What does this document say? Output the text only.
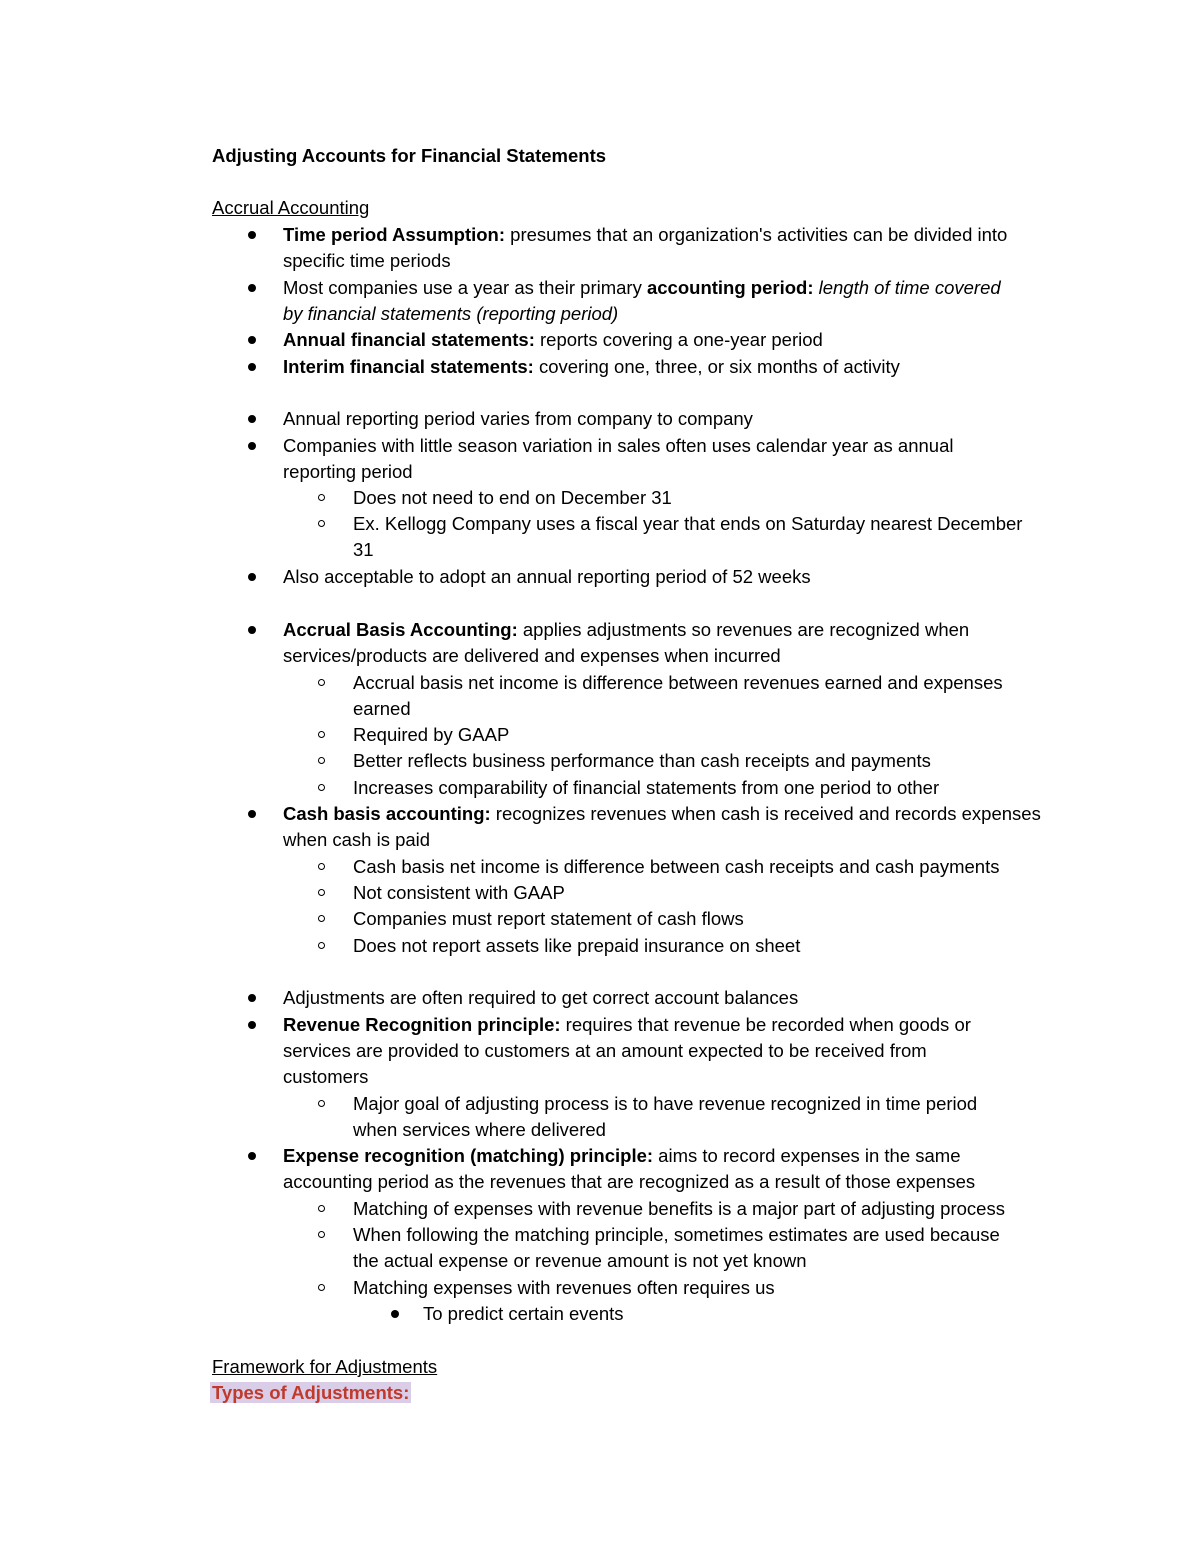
Adjusting Accounts for Financial Statements
Accrual Accounting
Time period Assumption: presumes that an organization's activities can be divided into
specific time periods
Most companies use a year as their primary accounting period: length of time covered
by financial statements (reporting period)
Annual financial statements: reports covering a one-year period
Interim financial statements: covering one, three, or six months of activity
Annual reporting period varies from company to company
Companies with little season variation in sales often uses calendar year as annual
reporting period
Does not need to end on December 31
Ex. Kellogg Company uses a fiscal year that ends on Saturday nearest December
31
Also acceptable to adopt an annual reporting period of 52 weeks
Accrual Basis Accounting: applies adjustments so revenues are recognized when
services/products are delivered and expenses when incurred
Accrual basis net income is difference between revenues earned and expenses
earned
Required by GAAP
Better reflects business performance than cash receipts and payments
Increases comparability of financial statements from one period to other
Cash basis accounting: recognizes revenues when cash is received and records expenses
when cash is paid
Cash basis net income is difference between cash receipts and cash payments
Not consistent with GAAP
Companies must report statement of cash flows
Does not report assets like prepaid insurance on sheet
Adjustments are often required to get correct account balances
Revenue Recognition principle: requires that revenue be recorded when goods or
services are provided to customers at an amount expected to be received from
customers
Major goal of adjusting process is to have revenue recognized in time period
when services where delivered
Expense recognition (matching) principle: aims to record expenses in the same
accounting period as the revenues that are recognized as a result of those expenses
Matching of expenses with revenue benefits is a major part of adjusting process
When following the matching principle, sometimes estimates are used because
the actual expense or revenue amount is not yet known
Matching expenses with revenues often requires us
To predict certain events
Framework for Adjustments
Types of Adjustments:
